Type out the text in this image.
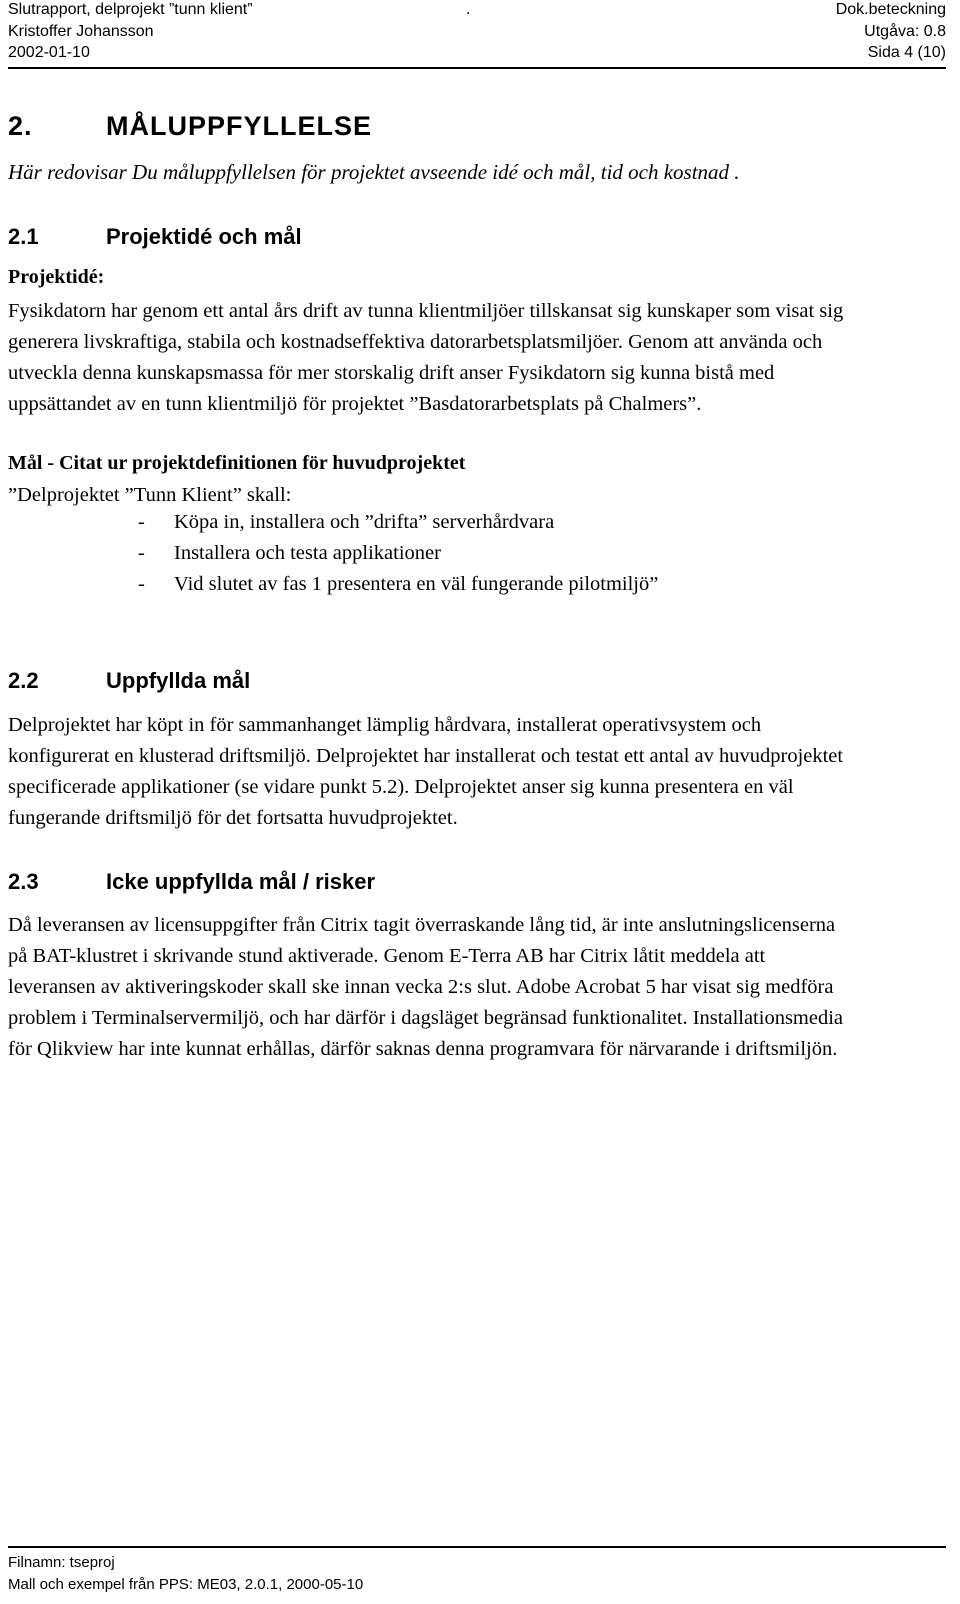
Slutrapport, delprojekt ”tunn klient”	.	Dok.beteckning
Kristoffer Johansson	Utgåva: 0.8
2002-01-10	Sida 4 (10)
2.	MÅLUPPFYLLELSE
Här redovisar Du måluppfyllelsen för projektet avseende idé och mål, tid och kostnad .
2.1	Projektidé och mål
Projektidé:
Fysikdatorn har genom ett antal års drift av tunna klientmiljöer tillskansat sig kunskaper som visat sig
generera livskraftiga, stabila och kostnadseffektiva datorarbetsplatsmiljöer. Genom att använda och
utveckla denna kunskapsmassa för mer storskalig drift anser Fysikdatorn sig kunna bistå med
uppsättandet av en tunn klientmiljö för projektet ”Basdatorarbetsplats på Chalmers”.
Mål - Citat ur projektdefinitionen för huvudprojektet
”Delprojektet ”Tunn Klient” skall:
- Köpa in, installera och ”drifta” serverhårdvara
- Installera och testa applikationer
- Vid slutet av fas 1 presentera en väl fungerande pilotmiljö”
2.2	Uppfyllda mål
Delprojektet har köpt in för sammanhanget lämplig hårdvara, installerat operativsystem och
konfigurerat en klusterad driftsmiljö. Delprojektet har installerat och testat ett antal av huvudprojektet
specificerade applikationer (se vidare punkt 5.2). Delprojektet anser sig kunna presentera en väl
fungerande driftsmiljö för det fortsatta huvudprojektet.
2.3	Icke uppfyllda mål / risker
Då leveransen av licensuppgifter från Citrix tagit överraskande lång tid, är inte anslutningslicenserna
på BAT-klustret i skrivande stund aktiverade. Genom E-Terra AB har Citrix låtit meddela att
leveransen av aktiveringskoder skall ske innan vecka 2:s slut. Adobe Acrobat 5 har visat sig medföra
problem i Terminalservermiljö, och har därför i dagsläget begränsad funktionalitet. Installationsmedia
för Qlikview har inte kunnat erhållas, därför saknas denna programvara för närvarande i driftsmiljön.
Filnamn: tseproj
Mall och exempel från PPS: ME03, 2.0.1, 2000-05-10
